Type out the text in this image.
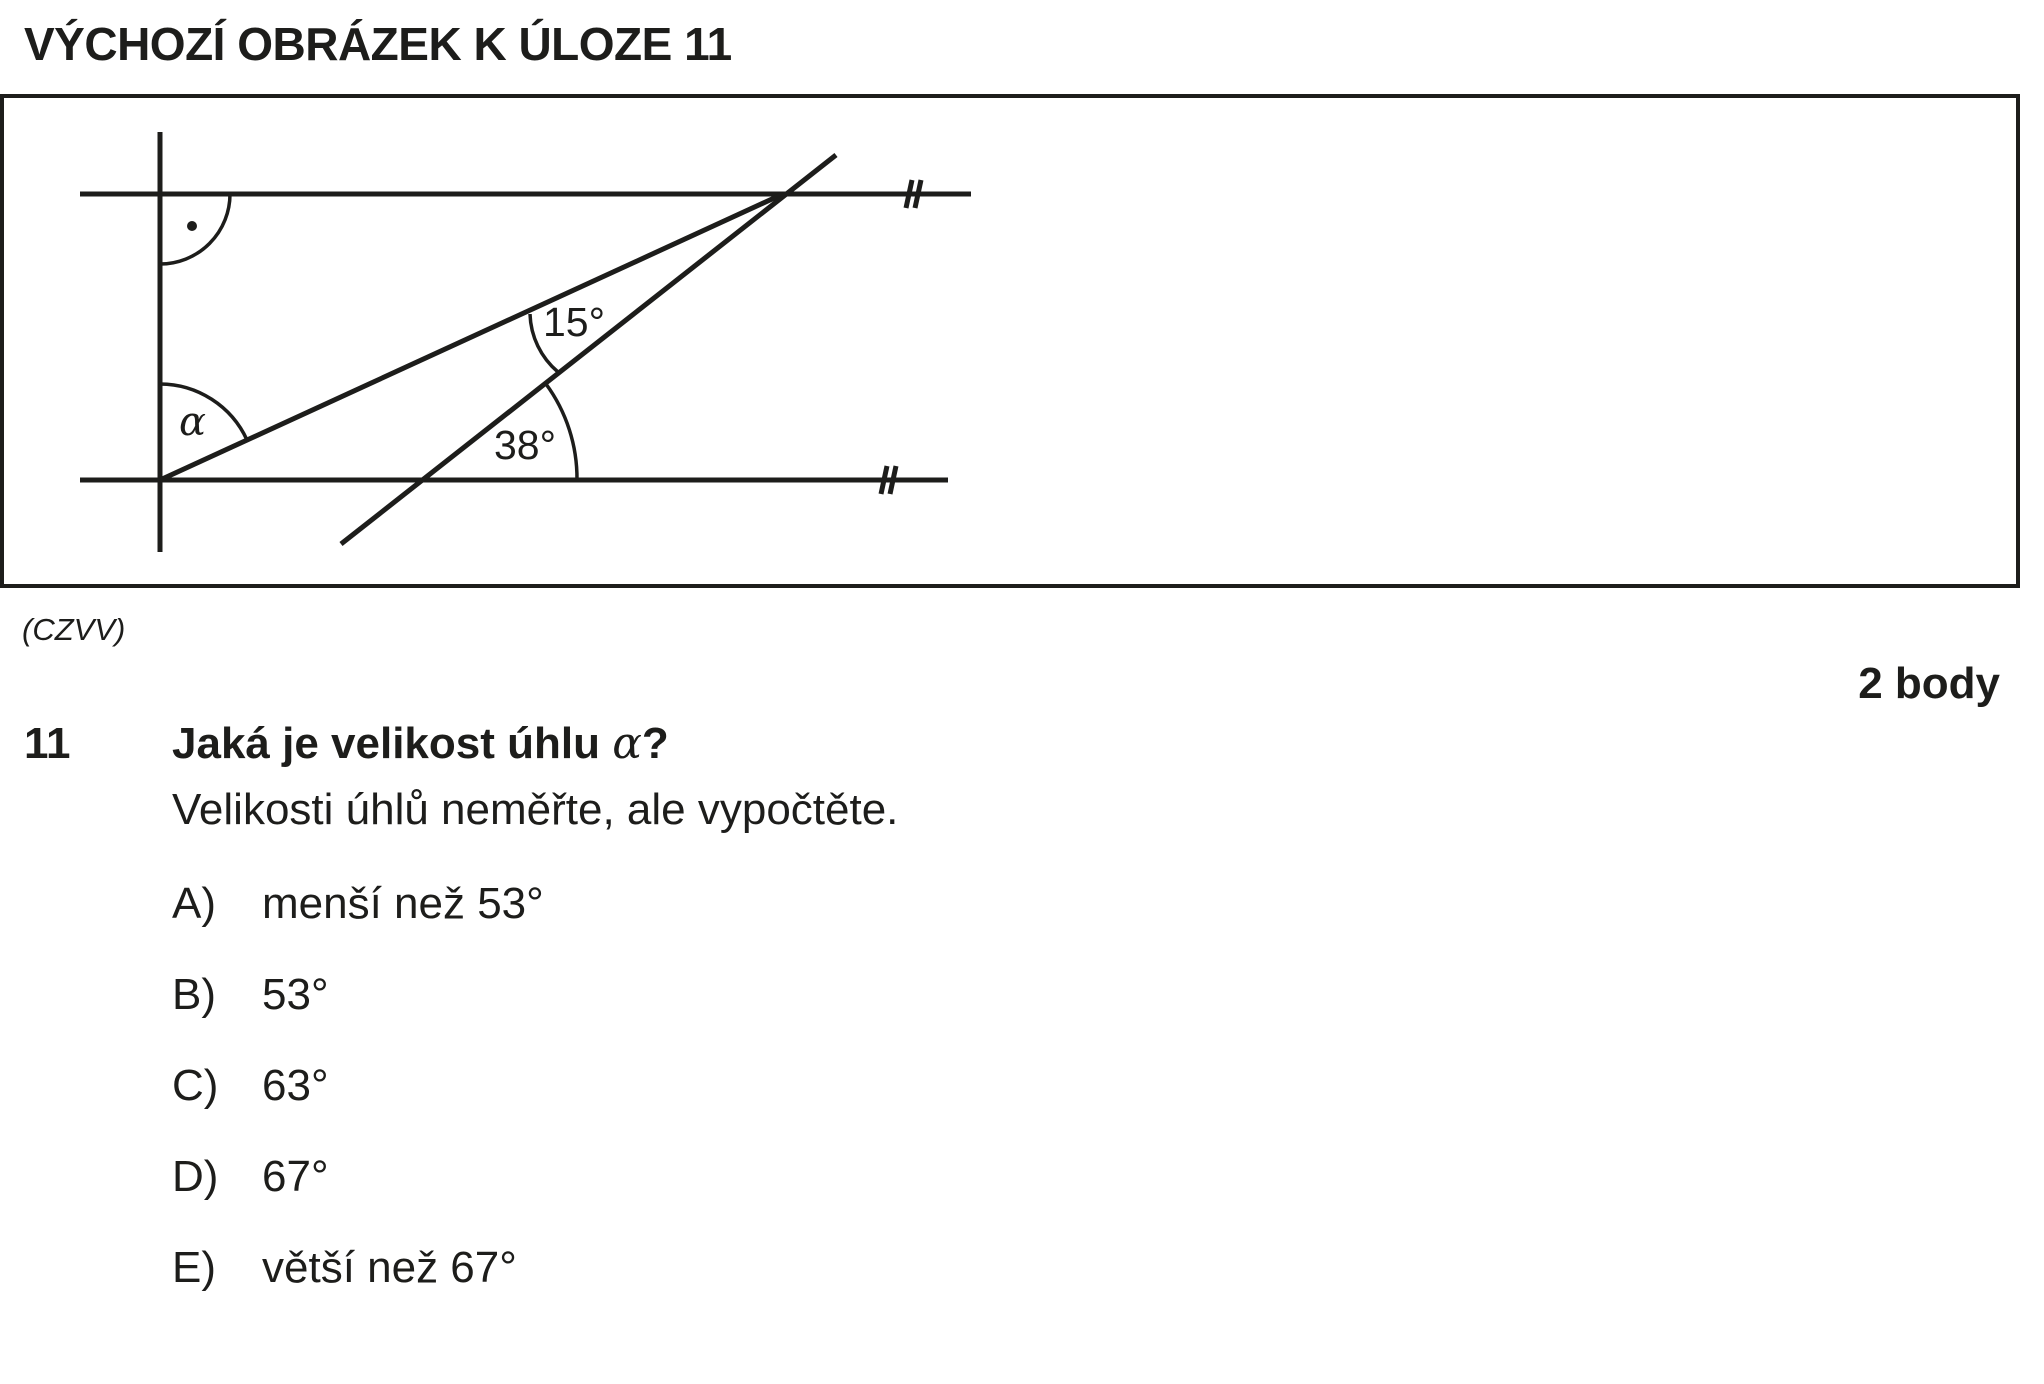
VÝCHOZÍ OBRÁZEK K ÚLOZE 11
15°
38°
α
(CZVV)
2 body
11 Jaká je velikost úhlu α?
Velikosti úhlů neměřte, ale vypočtěte.
A) menší než 53°
B) 53°
C) 63°
D) 67°
E) větší než 67°
